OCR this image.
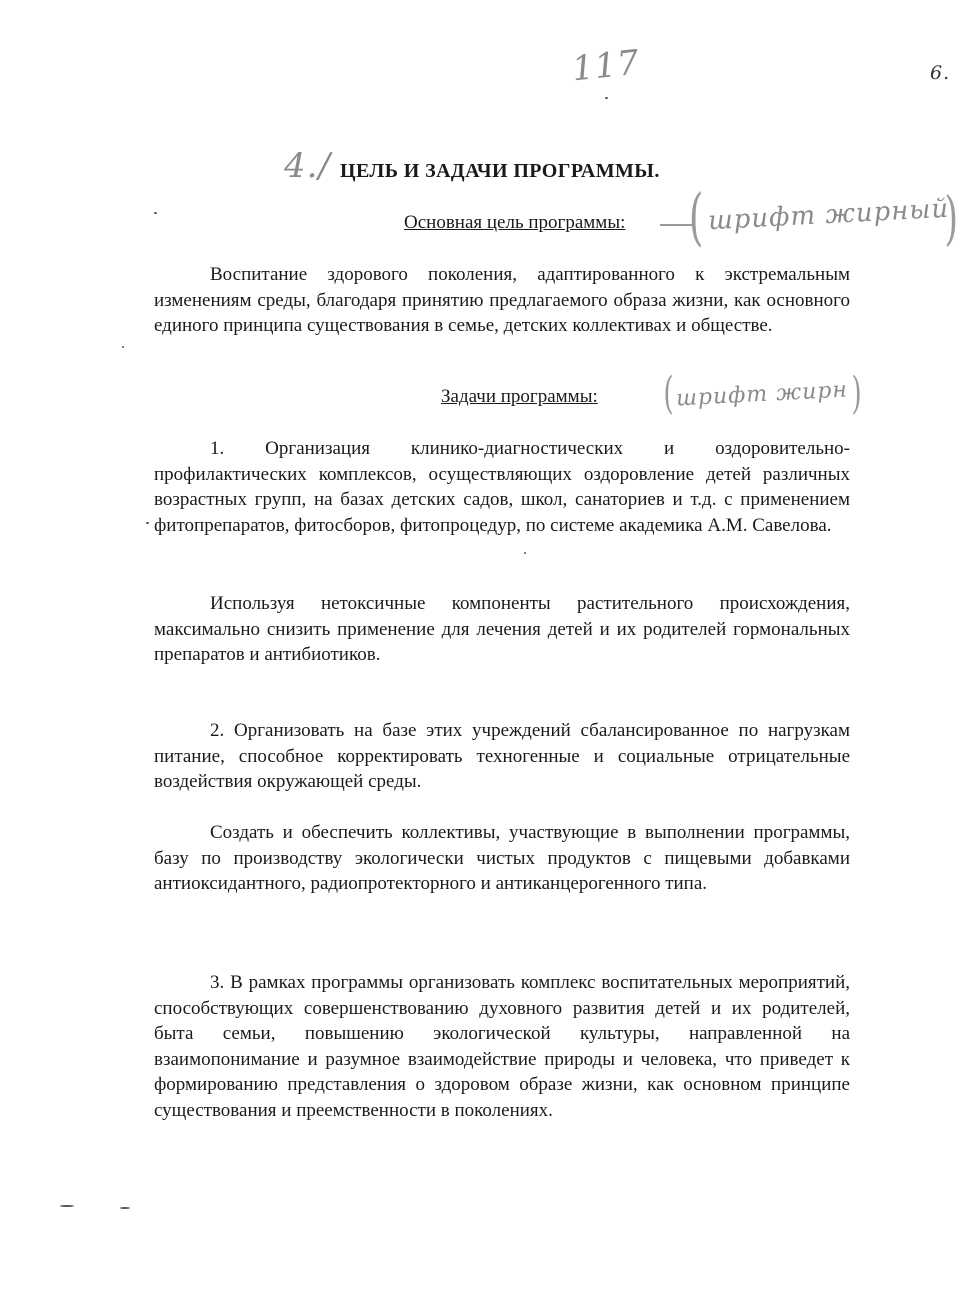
117	6.
4./ ЦЕЛЬ И ЗАДАЧИ ПРОГРАММЫ.
Основная цель программы: ( шрифт жирный
)

Воспитание здорового поколения, адаптированного к экстремальным изменениям среды, благодаря принятию предлагаемого образа жизни, как основного единого принципа существования в семье, детских коллективах и обществе.

Задачи программы: ( шрифт жирн )

1. Организация клинико-диагностических и оздоровительно-профилактических комплексов, осуществляющих оздоровление детей различных возрастных групп, на базах детских садов, школ, санаториев и т.д. с применением фитопрепаратов, фитосборов, фитопроцедур, по системе академика А.М. Савелова.

Используя нетоксичные компоненты растительного происхождения, максимально снизить применение для лечения детей и их родителей гормональных препаратов и антибиотиков.

2. Организовать на базе этих учреждений сбалансированное по нагрузкам питание, способное корректировать техногенные и социальные отрицательные воздействия окружающей среды.

Создать и обеспечить коллективы, участвующие в выполнении программы, базу по производству экологически чистых продуктов с пищевыми добавками антиоксидантного, радиопротекторного и антиканцерогенного типа.

3. В рамках программы организовать комплекс воспитательных мероприятий, способствующих совершенствованию духовного развития детей и их родителей, быта семьи, повышению экологической культуры, направленной на взаимопонимание и разумное взаимодействие природы и человека, что приведет к формированию представления о здоровом образе жизни, как основном принципе существования и преемственности в поколениях.
